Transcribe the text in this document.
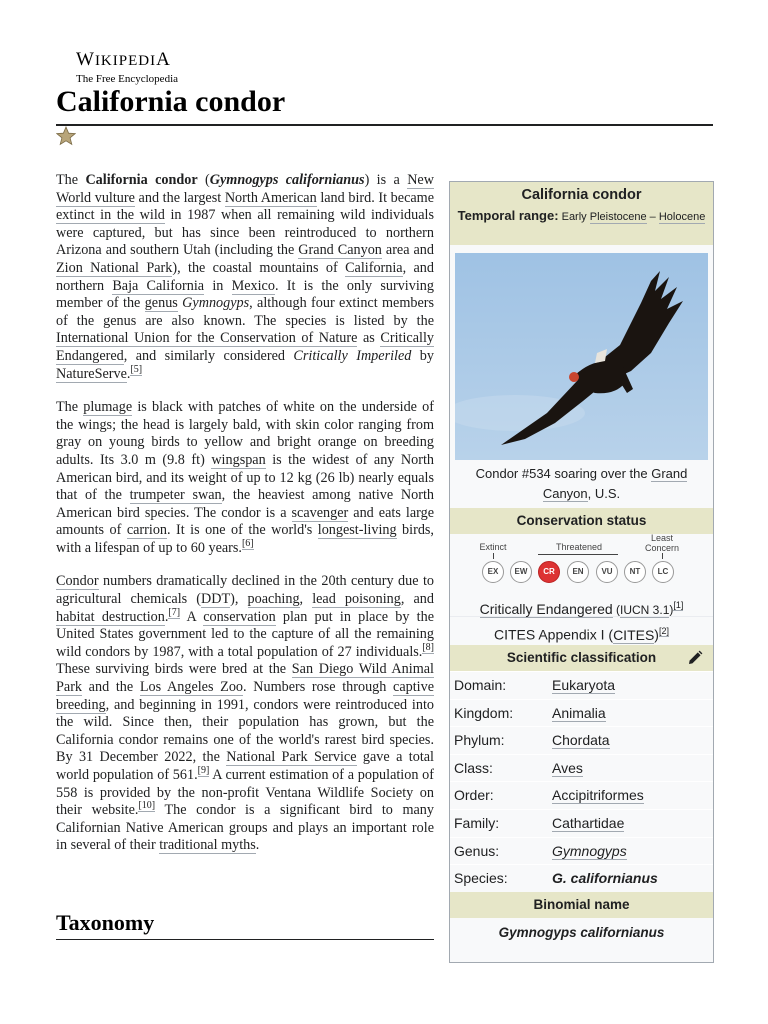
WIKIPEDIA
The Free Encyclopedia
California condor

The California condor (Gymnogyps californianus) is a New World vulture and the largest North American land bird. It became extinct in the wild in 1987 when all remaining wild individuals were captured, but has since been reintroduced to northern Arizona and southern Utah (including the Grand Canyon area and Zion National Park), the coastal mountains of California, and northern Baja California in Mexico. It is the only surviving member of the genus Gymnogyps, although four extinct members of the genus are also known. The species is listed by the International Union for the Conservation of Nature as Critically Endangered, and similarly considered Critically Imperiled by NatureServe.[5]

The plumage is black with patches of white on the underside of the wings; the head is largely bald, with skin color ranging from gray on young birds to yellow and bright orange on breeding adults. Its 3.0 m (9.8 ft) wingspan is the widest of any North American bird, and its weight of up to 12 kg (26 lb) nearly equals that of the trumpeter swan, the heaviest among native North American bird species. The condor is a scavenger and eats large amounts of carrion. It is one of the world's longest-living birds, with a lifespan of up to 60 years.[6]

Condor numbers dramatically declined in the 20th century due to agricultural chemicals (DDT), poaching, lead poisoning, and habitat destruction.[7] A conservation plan put in place by the United States government led to the capture of all the remaining wild condors by 1987, with a total population of 27 individuals.[8] These surviving birds were bred at the San Diego Wild Animal Park and the Los Angeles Zoo. Numbers rose through captive breeding, and beginning in 1991, condors were reintroduced into the wild. Since then, their population has grown, but the California condor remains one of the world's rarest bird species. By 31 December 2022, the National Park Service gave a total world population of 561.[9] A current estimation of a population of 558 is provided by the non-profit Ventana Wildlife Society on their website.[10] The condor is a significant bird to many Californian Native American groups and plays an important role in several of their traditional myths.

Taxonomy
California condor
Temporal range: Early Pleistocene – Holocene
Condor #534 soaring over the Grand Canyon, U.S.
Conservation status
Extinct	Threatened
Least
Concern
EX	EW	CR	EN	VU	NT	LC
Critically Endangered (IUCN 3.1)[1]
CITES Appendix I (CITES)[2]
Scientific classification
Domain:	Eukaryota
Kingdom:	Animalia
Phylum:	Chordata
Class:	Aves
Order:	Accipitriformes
Family:	Cathartidae
Genus:	Gymnogyps
Species:	G. californianus
Binomial name
Gymnogyps californianus
